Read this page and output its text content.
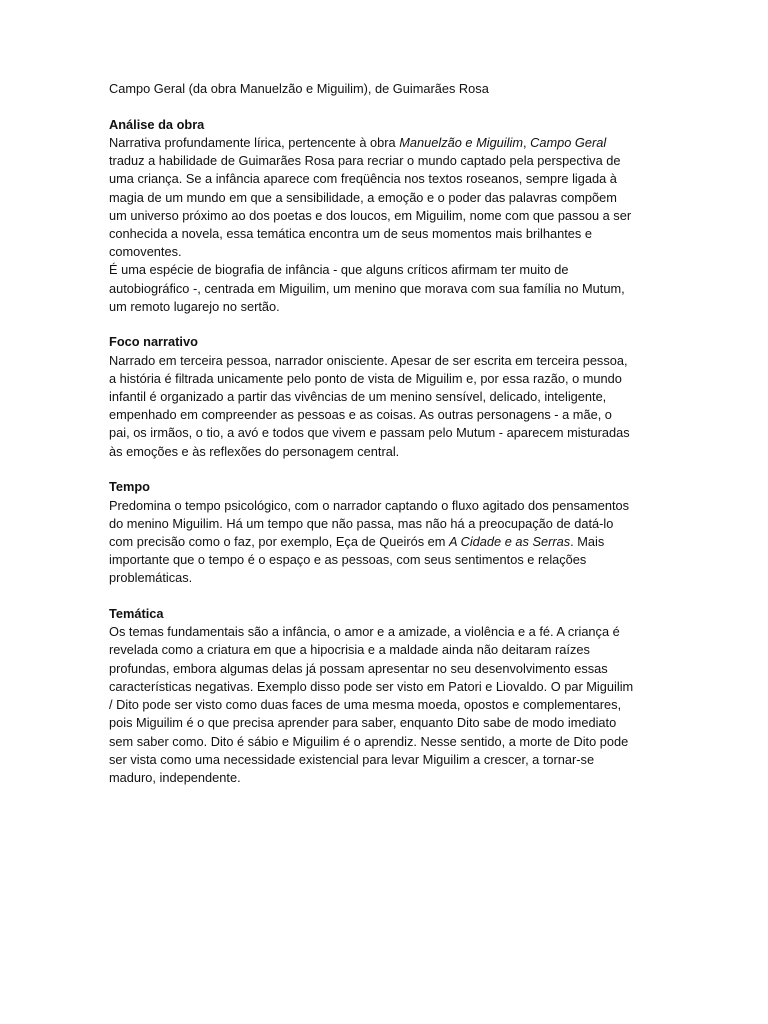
Campo Geral (da obra Manuelzão e Miguilim), de Guimarães Rosa

Análise da obra

Narrativa profundamente lírica, pertencente à obra Manuelzão e Miguilim, Campo Geral traduz a habilidade de Guimarães Rosa para recriar o mundo captado pela perspectiva de uma criança. Se a infância aparece com freqüência nos textos roseanos, sempre ligada à magia de um mundo em que a sensibilidade, a emoção e o poder das palavras compõem um universo próximo ao dos poetas e dos loucos, em Miguilim, nome com que passou a ser conhecida a novela, essa temática encontra um de seus momentos mais brilhantes e comoventes.

É uma espécie de biografia de infância - que alguns críticos afirmam ter muito de autobiográfico -, centrada em Miguilim, um menino que morava com sua família no Mutum, um remoto lugarejo no sertão.

Foco narrativo

Narrado em terceira pessoa, narrador onisciente. Apesar de ser escrita em terceira pessoa, a história é filtrada unicamente pelo ponto de vista de Miguilim e, por essa razão, o mundo infantil é organizado a partir das vivências de um menino sensível, delicado, inteligente, empenhado em compreender as pessoas e as coisas. As outras personagens - a mãe, o pai, os irmãos, o tio, a avó e todos que vivem e passam pelo Mutum - aparecem misturadas às emoções e às reflexões do personagem central.

Tempo

Predomina o tempo psicológico, com o narrador captando o fluxo agitado dos pensamentos do menino Miguilim. Há um tempo que não passa, mas não há a preocupação de datá-lo com precisão como o faz, por exemplo, Eça de Queirós em A Cidade e as Serras. Mais importante que o tempo é o espaço e as pessoas, com seus sentimentos e relações problemáticas.

Temática

Os temas fundamentais são a infância, o amor e a amizade, a violência e a fé. A criança é revelada como a criatura em que a hipocrisia e a maldade ainda não deitaram raízes profundas, embora algumas delas já possam apresentar no seu desenvolvimento essas características negativas. Exemplo disso pode ser visto em Patori e Liovaldo. O par Miguilim / Dito pode ser visto como duas faces de uma mesma moeda, opostos e complementares, pois Miguilim é o que precisa aprender para saber, enquanto Dito sabe de modo imediato sem saber como. Dito é sábio e Miguilim é o aprendiz. Nesse sentido, a morte de Dito pode ser vista como uma necessidade existencial para levar Miguilim a crescer, a tornar-se maduro, independente.
